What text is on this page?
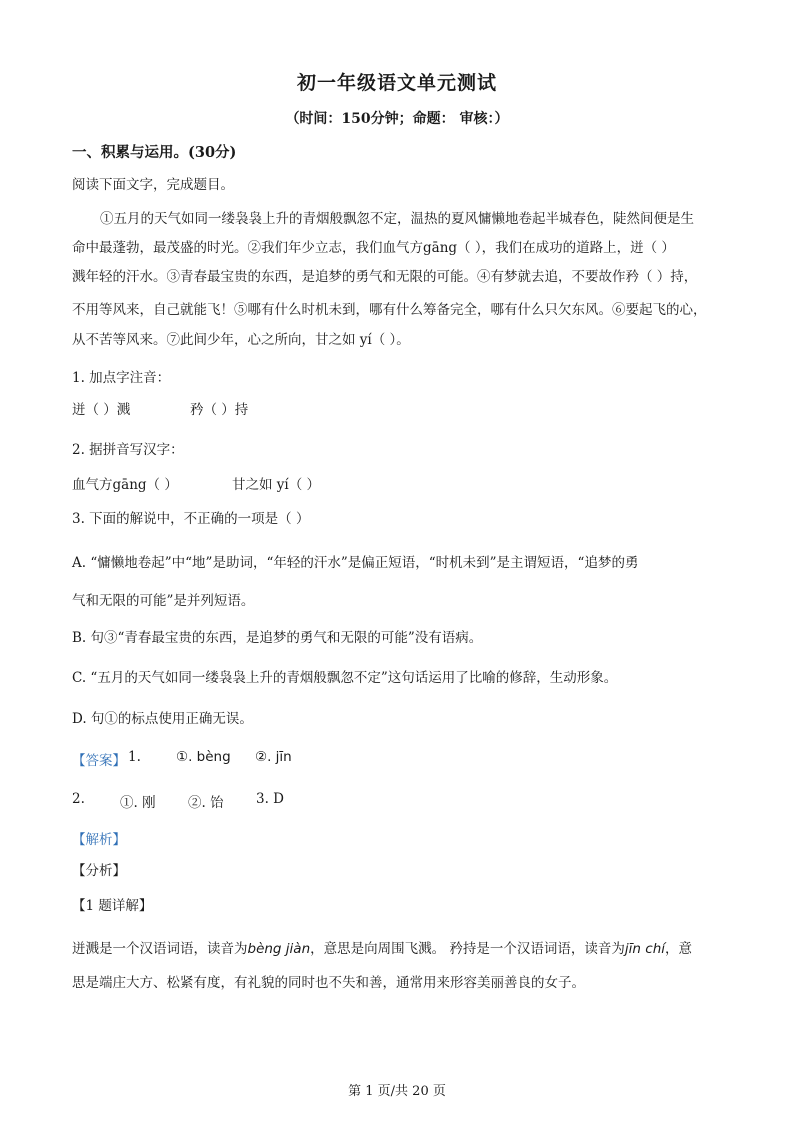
初一年级语文单元测试
（时间：150分钟；命题： 审核：）
一、积累与运用。(30分)
阅读下面文字，完成题目。
①五月的天气如同一缕袅袅上升的青烟般飘忽不定，温热的夏风慵懒地卷起半城春色，陡然间便是生
命中最蓬勃，最茂盛的时光。②我们年少立志，我们血气方gāng（ ），我们在成功的道路上，迸（ ）
溅年轻的汗水。③青春最宝贵的东西，是追梦的勇气和无限的可能。④有梦就去追，不要故作矜（ ）持，
不用等风来，自己就能飞！⑤哪有什么时机未到，哪有什么筹备完全，哪有什么只欠东风。⑥要起飞的心，
从不苦等风来。⑦此间少年，心之所向，甘之如 yí（ ）。
1. 加点字注音：
迸（ ）溅	矜（ ）持
2. 据拼音写汉字：
血气方gāng（ ）	甘之如 yí（ ）
3. 下面的解说中，不正确的一项是（ ）
A. “慵懒地卷起”中“地”是助词，“年轻的汗水”是偏正短语，“时机未到”是主谓短语，“追梦的勇
气和无限的可能”是并列短语。
B. 句③“青春最宝贵的东西，是追梦的勇气和无限的可能”没有语病。
C. “五月的天气如同一缕袅袅上升的青烟般飘忽不定”这句话运用了比喻的修辞，生动形象。
D. 句①的标点使用正确无误。
【答案】 1.	①. bèng ②. jīn
2.	①. 刚 ②. 饴 3. D
【解析】
【分析】
【1 题详解】
迸溅是一个汉语词语，读音为bèng jiàn，意思是向周围飞溅。 矜持是一个汉语词语，读音为jīn chí，意
思是端庄大方、松紧有度，有礼貌的同时也不失和善，通常用来形容美丽善良的女子。
第 1 页/共 20 页
